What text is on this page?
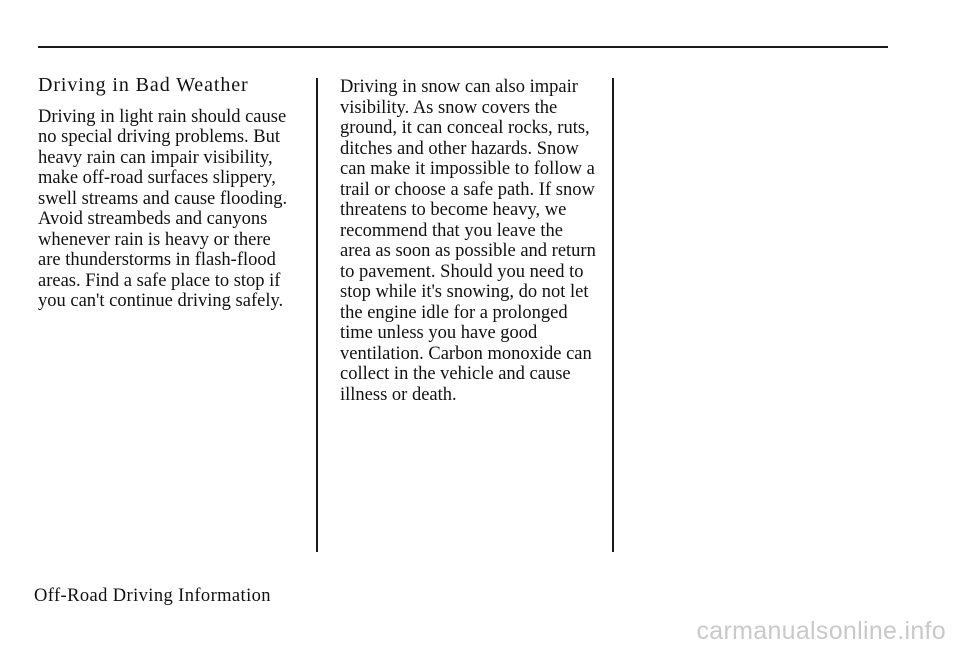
Driving in Bad Weather
Driving in light rain should cause
no special driving problems. But
heavy rain can impair visibility,
make off-road surfaces slippery,
swell streams and cause flooding.
Avoid streambeds and canyons
whenever rain is heavy or there
are thunderstorms in flash-flood
areas. Find a safe place to stop if
you can't continue driving safely.
Driving in snow can also impair
visibility. As snow covers the
ground, it can conceal rocks, ruts,
ditches and other hazards. Snow
can make it impossible to follow a
trail or choose a safe path. If snow
threatens to become heavy, we
recommend that you leave the
area as soon as possible and return
to pavement. Should you need to
stop while it's snowing, do not let
the engine idle for a prolonged
time unless you have good
ventilation. Carbon monoxide can
collect in the vehicle and cause
illness or death.
Off-Road Driving Information
carmanualsonline.info
